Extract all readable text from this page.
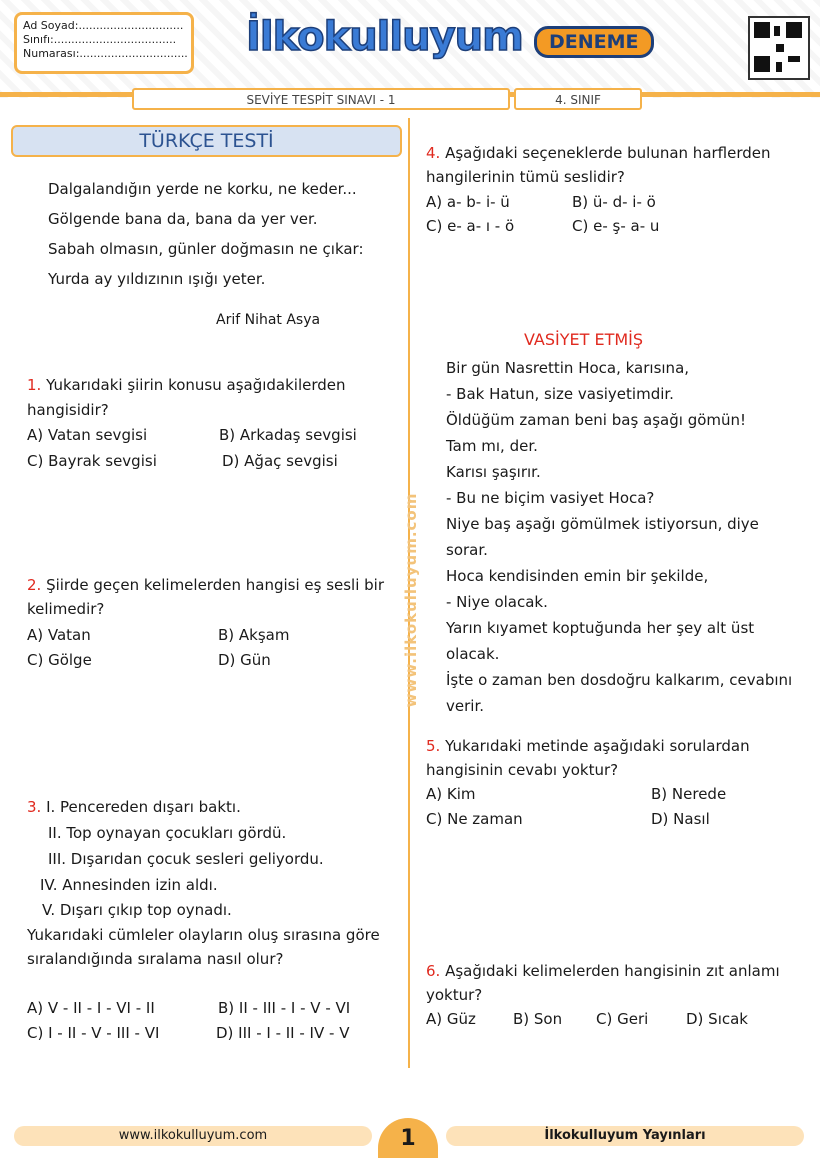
Ad Soyad:..............................
Sınıfı:...................................
Numarası:............................... İlkokulluyum	DENEME
SEVİYE TESPİT SINAVI - 1	4. SINIF
TÜRKÇE TESTİ
Dalgalandığın yerde ne korku, ne keder...
Gölgende bana da, bana da yer ver.
Sabah olmasın, günler doğmasın ne çıkar:
Yurda ay yıldızının ışığı yeter.
Arif Nihat Asya
1. Yukarıdaki şiirin konusu aşağıdakilerden
hangisidir?
A) Vatan sevgisi	B) Arkadaş sevgisi
C) Bayrak sevgisi	D) Ağaç sevgisi
2. Şiirde geçen kelimelerden hangisi eş sesli bir
kelimedir?
A) Vatan	B) Akşam
C) Gölge	D) Gün
3. I. Pencereden dışarı baktı.
II. Top oynayan çocukları gördü.
III. Dışarıdan çocuk sesleri geliyordu.
IV. Annesinden izin aldı.
V. Dışarı çıkıp top oynadı.
Yukarıdaki cümleler olayların oluş sırasına göre
sıralandığında sıralama nasıl olur?
A) V - II - I - VI - II	B) II - III - I - V - VI
C) I - II - V - III - VI	D) III - I - II - IV - V
www.ilkokulluyum.com
4. Aşağıdaki seçeneklerde bulunan harflerden
hangilerinin tümü seslidir?
A) a- b- i- ü	B) ü- d- i- ö
C) e- a- ı - ö	C) e- ş- a- u
VASİYET ETMİŞ
Bir gün Nasrettin Hoca, karısına,
- Bak Hatun, size vasiyetimdir.
Öldüğüm zaman beni baş aşağı gömün!
Tam mı, der.
Karısı şaşırır.
- Bu ne biçim vasiyet Hoca?
Niye baş aşağı gömülmek istiyorsun, diye
sorar.
Hoca kendisinden emin bir şekilde,
- Niye olacak.
Yarın kıyamet koptuğunda her şey alt üst
olacak.
İşte o zaman ben dosdoğru kalkarım, cevabını
verir.
5. Yukarıdaki metinde aşağıdaki sorulardan
hangisinin cevabı yoktur?
A) Kim	B) Nerede
C) Ne zaman	D) Nasıl
6. Aşağıdaki kelimelerden hangisinin zıt anlamı
yoktur?
A) Güz B) Son C) Geri	D) Sıcak
www.ilkokulluyum.com	1	İlkokulluyum Yayınları
